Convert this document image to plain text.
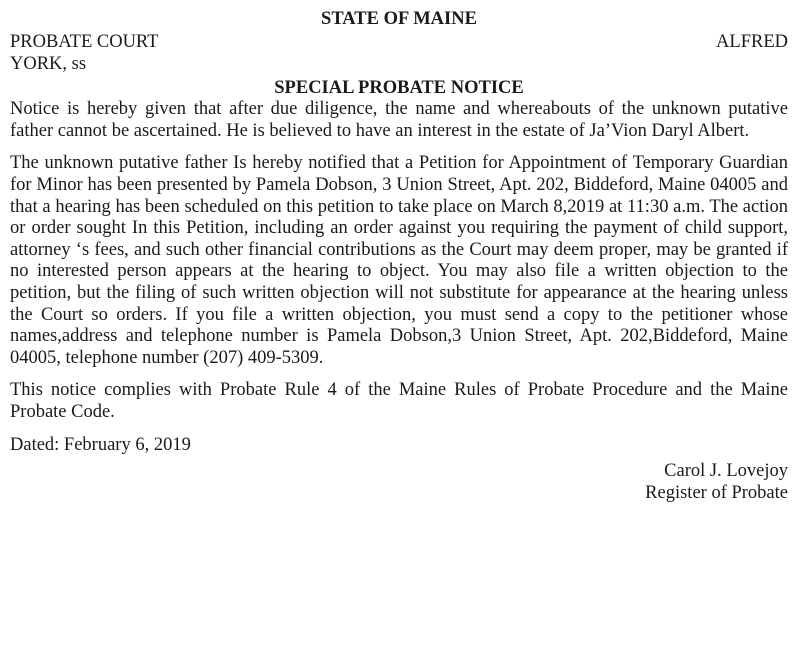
STATE OF MAINE
PROBATE COURT	ALFRED
YORK, ss
SPECIAL PROBATE NOTICE

Notice is hereby given that after due diligence, the name and whereabouts of the unknown putative father cannot be ascertained. He is believed to have an interest in the estate of Ja’Vion Daryl Albert.

The unknown putative father Is hereby notified that a Petition for Appointment of Temporary Guardian for Minor has been presented by Pamela Dobson, 3 Union Street, Apt. 202, Biddeford, Maine 04005 and that a hearing has been scheduled on this petition to take place on March 8,2019 at 11:30 a.m. The action or order sought In this Petition, including an order against you requiring the payment of child support, attorney ‘s fees, and such other financial contributions as the Court may deem proper, may be granted if no interested person appears at the hearing to object. You may also file a written objection to the petition, but the filing of such written objection will not substitute for appearance at the hearing unless the Court so orders. If you file a written objection, you must send a copy to the petitioner whose names,address and telephone number is Pamela Dobson,3 Union Street, Apt. 202,Biddeford, Maine 04005, telephone number (207) 409-5309.

This notice complies with Probate Rule 4 of the Maine Rules of Probate Procedure and the Maine Probate Code.

Dated: February 6, 2019

Carol J. Lovejoy
Register of Probate
